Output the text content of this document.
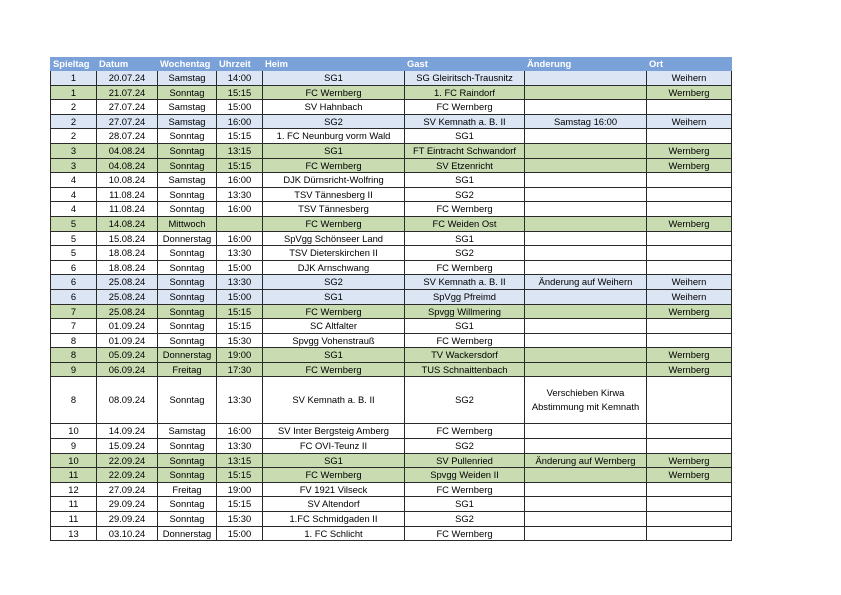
Spieltag	Datum	Wochentag	Uhrzeit	Heim	Gast	Änderung	Ort
1	20.07.24	Samstag	14:00	SG1	SG Gleiritsch-Trausnitz		Weihern
1	21.07.24	Sonntag	15:15	FC Wernberg	1. FC Raindorf		Wernberg
2	27.07.24	Samstag	15:00	SV Hahnbach	FC Wernberg		
2	27.07.24	Samstag	16:00	SG2	SV Kemnath a. B. II	Samstag 16:00	Weihern
2	28.07.24	Sonntag	15:15	1. FC Neunburg vorm Wald	SG1		
3	04.08.24	Sonntag	13:15	SG1	FT Eintracht Schwandorf		Wernberg
3	04.08.24	Sonntag	15:15	FC Wernberg	SV Etzenricht		Wernberg
4	10.08.24	Samstag	16:00	DJK Dürnsricht-Wolfring	SG1		
4	11.08.24	Sonntag	13:30	TSV Tännesberg II	SG2		
4	11.08.24	Sonntag	16:00	TSV Tännesberg	FC Wernberg		
5	14.08.24	Mittwoch		FC Wernberg	FC Weiden Ost		Wernberg
5	15.08.24	Donnerstag	16:00	SpVgg Schönseer Land	SG1		
5	18.08.24	Sonntag	13:30	TSV Dieterskirchen II	SG2		
6	18.08.24	Sonntag	15:00	DJK Arnschwang	FC Wernberg		
6	25.08.24	Sonntag	13:30	SG2	SV Kemnath a. B. II	Änderung auf Weihern	Weihern
6	25.08.24	Sonntag	15:00	SG1	SpVgg Pfreimd		Weihern
7	25.08.24	Sonntag	15:15	FC Wernberg	Spvgg Willmering		Wernberg
7	01.09.24	Sonntag	15:15	SC Altfalter	SG1		
8	01.09.24	Sonntag	15:30	Spvgg Vohenstrauß	FC Wernberg		
8	05.09.24	Donnerstag	19:00	SG1	TV Wackersdorf		Wernberg
9	06.09.24	Freitag	17:30	FC Wernberg	TUS Schnaittenbach		Wernberg
8	08.09.24	Sonntag	13:30	SV Kemnath a. B. II	SG2	Verschieben Kirwa Abstimmung mit Kemnath	
10	14.09.24	Samstag	16:00	SV Inter Bergsteig Amberg	FC Wernberg		
9	15.09.24	Sonntag	13:30	FC OVI-Teunz II	SG2		
10	22.09.24	Sonntag	13:15	SG1	SV Pullenried	Änderung auf Wernberg	Wernberg
11	22.09.24	Sonntag	15:15	FC Wernberg	Spvgg Weiden II		Wernberg
12	27.09.24	Freitag	19:00	FV 1921 Vilseck	FC Wernberg		
11	29.09.24	Sonntag	15:15	SV Altendorf	SG1		
11	29.09.24	Sonntag	15:30	1.FC Schmidgaden II	SG2		
13	03.10.24	Donnerstag	15:00	1. FC Schlicht	FC Wernberg		
